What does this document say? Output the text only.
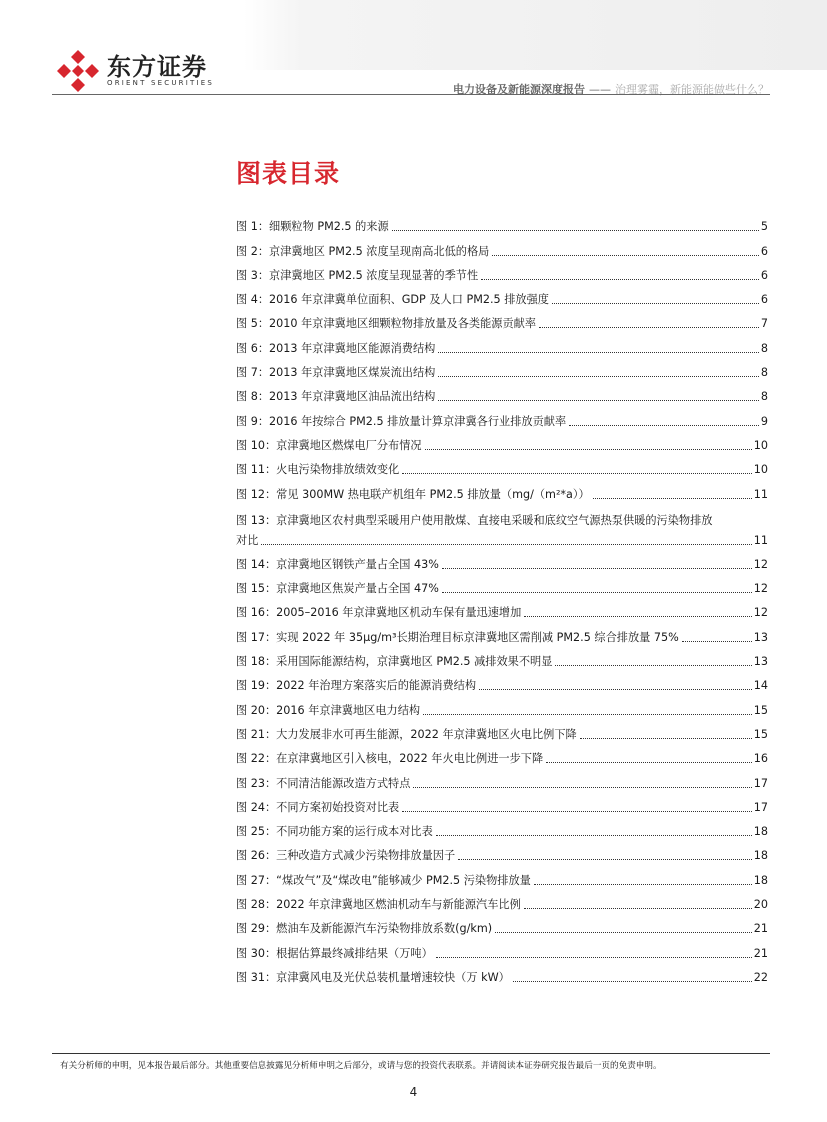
东方证券
ORIENT SECURITIES	电力设备及新能源深度报告 —— 治理雾霾，新能源能做些什么？
图表目录
图 1：细颗粒物 PM2.5 的来源	5
图 2：京津冀地区 PM2.5 浓度呈现南高北低的格局	6
图 3：京津冀地区 PM2.5 浓度呈现显著的季节性	6
图 4：2016 年京津冀单位面积、GDP 及人口 PM2.5 排放强度	6
图 5：2010 年京津冀地区细颗粒物排放量及各类能源贡献率	7
图 6：2013 年京津冀地区能源消费结构	8
图 7：2013 年京津冀地区煤炭流出结构	8
图 8：2013 年京津冀地区油品流出结构	8
图 9：2016 年按综合 PM2.5 排放量计算京津冀各行业排放贡献率	9
图 10：京津冀地区燃煤电厂分布情况	10
图 11：火电污染物排放绩效变化	10
图 12：常见 300MW 热电联产机组年 PM2.5 排放量（mg/（m²*a））	11
图 13：京津冀地区农村典型采暖用户使用散煤、直接电采暖和底纹空气源热泵供暖的污染物排放
对比	11
图 14：京津冀地区钢铁产量占全国 43%	12
图 15：京津冀地区焦炭产量占全国 47%	12
图 16：2005–2016 年京津冀地区机动车保有量迅速增加	12
图 17：实现 2022 年 35μg/m³长期治理目标京津冀地区需削减 PM2.5 综合排放量 75%	13
图 18：采用国际能源结构，京津冀地区 PM2.5 减排效果不明显	13
图 19：2022 年治理方案落实后的能源消费结构	14
图 20：2016 年京津冀地区电力结构	15
图 21：大力发展非水可再生能源，2022 年京津冀地区火电比例下降	15
图 22：在京津冀地区引入核电，2022 年火电比例进一步下降	16
图 23：不同清洁能源改造方式特点	17
图 24：不同方案初始投资对比表	17
图 25：不同功能方案的运行成本对比表	18
图 26：三种改造方式减少污染物排放量因子	18
图 27：“煤改气”及“煤改电”能够减少 PM2.5 污染物排放量	18
图 28：2022 年京津冀地区燃油机动车与新能源汽车比例	20
图 29：燃油车及新能源汽车污染物排放系数(g/km)	21
图 30：根据估算最终减排结果（万吨）	21
图 31：京津冀风电及光伏总装机量增速较快（万 kW）	22
有关分析师的申明，见本报告最后部分。其他重要信息披露见分析师申明之后部分，或请与您的投资代表联系。并请阅读本证券研究报告最后一页的免责申明。
4
